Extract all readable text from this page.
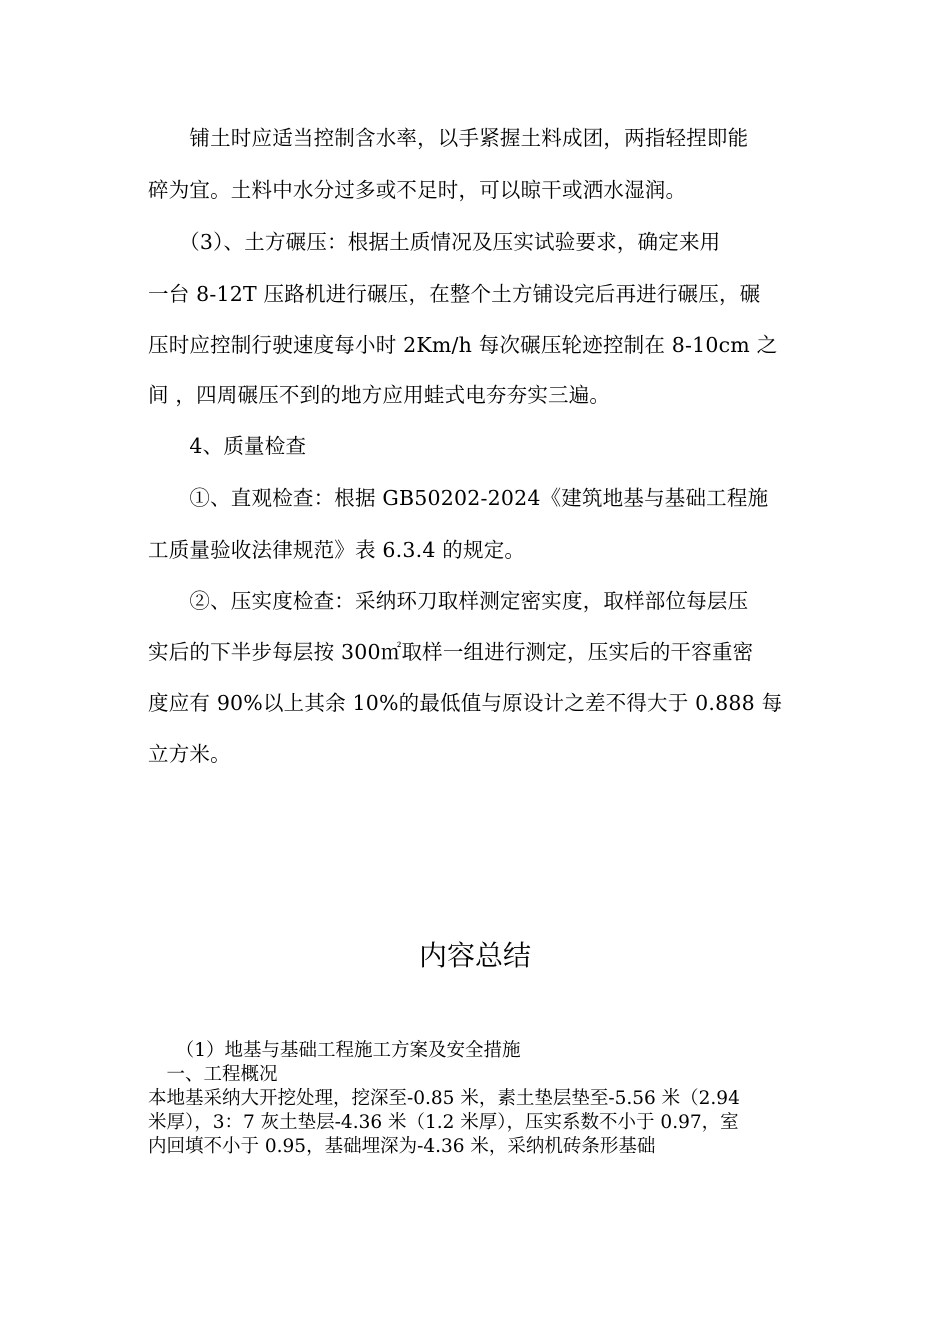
　　铺土时应适当控制含水率，以手紧握土料成团，两指轻捏即能
碎为宜。土料中水分过多或不足时，可以晾干或洒水湿润。
　　（3）、土方碾压：根据土质情况及压实试验要求，确定来用
一台 8-12T 压路机进行碾压，在整个土方铺设完后再进行碾压，碾
压时应控制行驶速度每小时 2Km/h 每次碾压轮迹控制在 8-10cm 之
间 ，四周碾压不到的地方应用蛙式电夯夯实三遍。
　　4、质量检查
　　①、直观检查：根据 GB50202-2024《建筑地基与基础工程施
工质量验收法律规范》表 6.3.4 的规定。
　　②、压实度检查：采纳环刀取样测定密实度，取样部位每层压
实后的下半步每层按 300㎡取样一组进行测定，压实后的干容重密
度应有 90%以上其余 10%的最低值与原设计之差不得大于 0.888 每
立方米。
内容总结
　　（1）地基与基础工程施工方案及安全措施
　一、工程概况
本地基采纳大开挖处理，挖深至-0.85 米，素土垫层垫至-5.56 米（2.94
米厚），3：7 灰土垫层-4.36 米（1.2 米厚），压实系数不小于 0.97，室
内回填不小于 0.95，基础埋深为-4.36 米，采纳机砖条形基础
